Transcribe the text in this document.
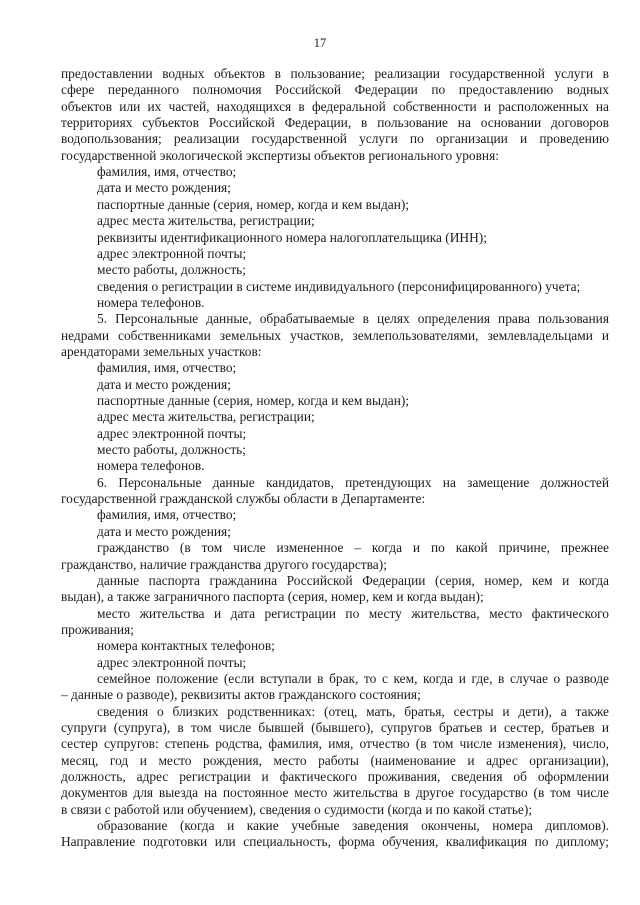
17
предоставлении водных объектов в пользование; реализации государственной услуги в
сфере переданного полномочия Российской Федерации по предоставлению водных
объектов или их частей, находящихся в федеральной собственности и расположенных на
территориях субъектов Российской Федерации, в пользование на основании договоров
водопользования; реализации государственной услуги по организации и проведению
государственной экологической экспертизы объектов регионального уровня:
фамилия, имя, отчество;
дата и место рождения;
паспортные данные (серия, номер, когда и кем выдан);
адрес места жительства, регистрации;
реквизиты идентификационного номера налогоплательщика (ИНН);
адрес электронной почты;
место работы, должность;
сведения о регистрации в системе индивидуального (персонифицированного) учета;
номера телефонов.
5. Персональные данные, обрабатываемые в целях определения права пользования
недрами собственниками земельных участков, землепользователями, землевладельцами и
арендаторами земельных участков:
фамилия, имя, отчество;
дата и место рождения;
паспортные данные (серия, номер, когда и кем выдан);
адрес места жительства, регистрации;
адрес электронной почты;
место работы, должность;
номера телефонов.
6. Персональные данные кандидатов, претендующих на замещение должностей
государственной гражданской службы области в Департаменте:
фамилия, имя, отчество;
дата и место рождения;
гражданство (в том числе измененное – когда и по какой причине, прежнее
гражданство, наличие гражданства другого государства);
данные паспорта гражданина Российской Федерации (серия, номер, кем и когда
выдан), а также заграничного паспорта (серия, номер, кем и когда выдан);
место жительства и дата регистрации по месту жительства, место фактического
проживания;
номера контактных телефонов;
адрес электронной почты;
семейное положение (если вступали в брак, то с кем, когда и где, в случае о разводе
– данные о разводе), реквизиты актов гражданского состояния;
сведения о близких родственниках: (отец, мать, братья, сестры и дети), а также
супруги (супруга), в том числе бывшей (бывшего), супругов братьев и сестер, братьев и
сестер супругов: степень родства, фамилия, имя, отчество (в том числе изменения), число,
месяц, год и место рождения, место работы (наименование и адрес организации),
должность, адрес регистрации и фактического проживания, сведения об оформлении
документов для выезда на постоянное место жительства в другое государство (в том числе
в связи с работой или обучением), сведения о судимости (когда и по какой статье);
образование (когда и какие учебные заведения окончены, номера дипломов).
Направление подготовки или специальность, форма обучения, квалификация по диплому;
